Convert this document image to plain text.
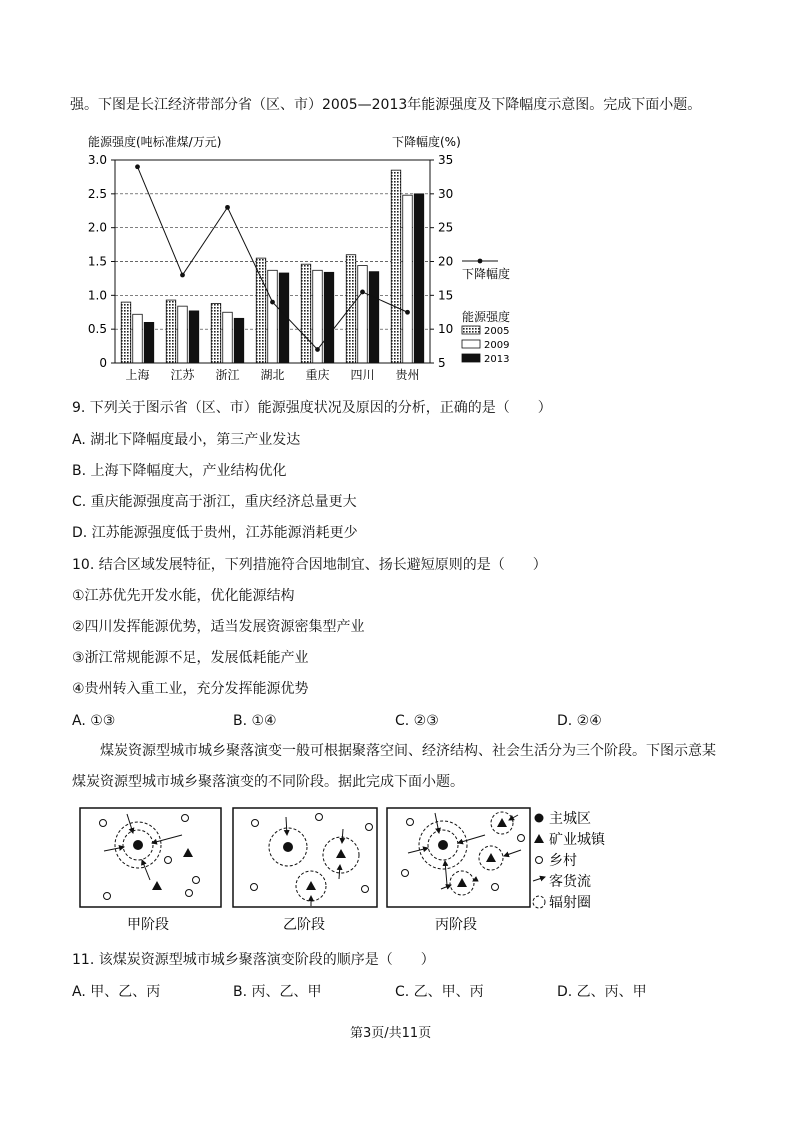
强。下图是长江经济带部分省（区、市）2005—2013年能源强度及下降幅度示意图。完成下面小题。
能源强度(吨标准煤/万元)	下降幅度(%)
0
0.5
1.0
1.5
2.0
2.5
3.0
5
10
15
20
25
30
35
上海 江苏 浙江 湖北 重庆 四川 贵州
下降幅度
能源强度
2005
2009
2013
9. 下列关于图示省（区、市）能源强度状况及原因的分析，正确的是（　　）
A. 湖北下降幅度最小，第三产业发达
B. 上海下降幅度大，产业结构优化
C. 重庆能源强度高于浙江，重庆经济总量更大
D. 江苏能源强度低于贵州，江苏能源消耗更少
10. 结合区域发展特征，下列措施符合因地制宜、扬长避短原则的是（　　）
①江苏优先开发水能，优化能源结构
②四川发挥能源优势，适当发展资源密集型产业
③浙江常规能源不足，发展低耗能产业
④贵州转入重工业，充分发挥能源优势
A. ①③	B. ①④	C. ②③	D. ②④
煤炭资源型城市城乡聚落演变一般可根据聚落空间、经济结构、社会生活分为三个阶段。下图示意某
煤炭资源型城市城乡聚落演变的不同阶段。据此完成下面小题。
主城区
矿业城镇
乡村
客货流
辐射圈
甲阶段	乙阶段	丙阶段
11. 该煤炭资源型城市城乡聚落演变阶段的顺序是（　　）
A. 甲、乙、丙	B. 丙、乙、甲	C. 乙、甲、丙	D. 乙、丙、甲
第3页/共11页
